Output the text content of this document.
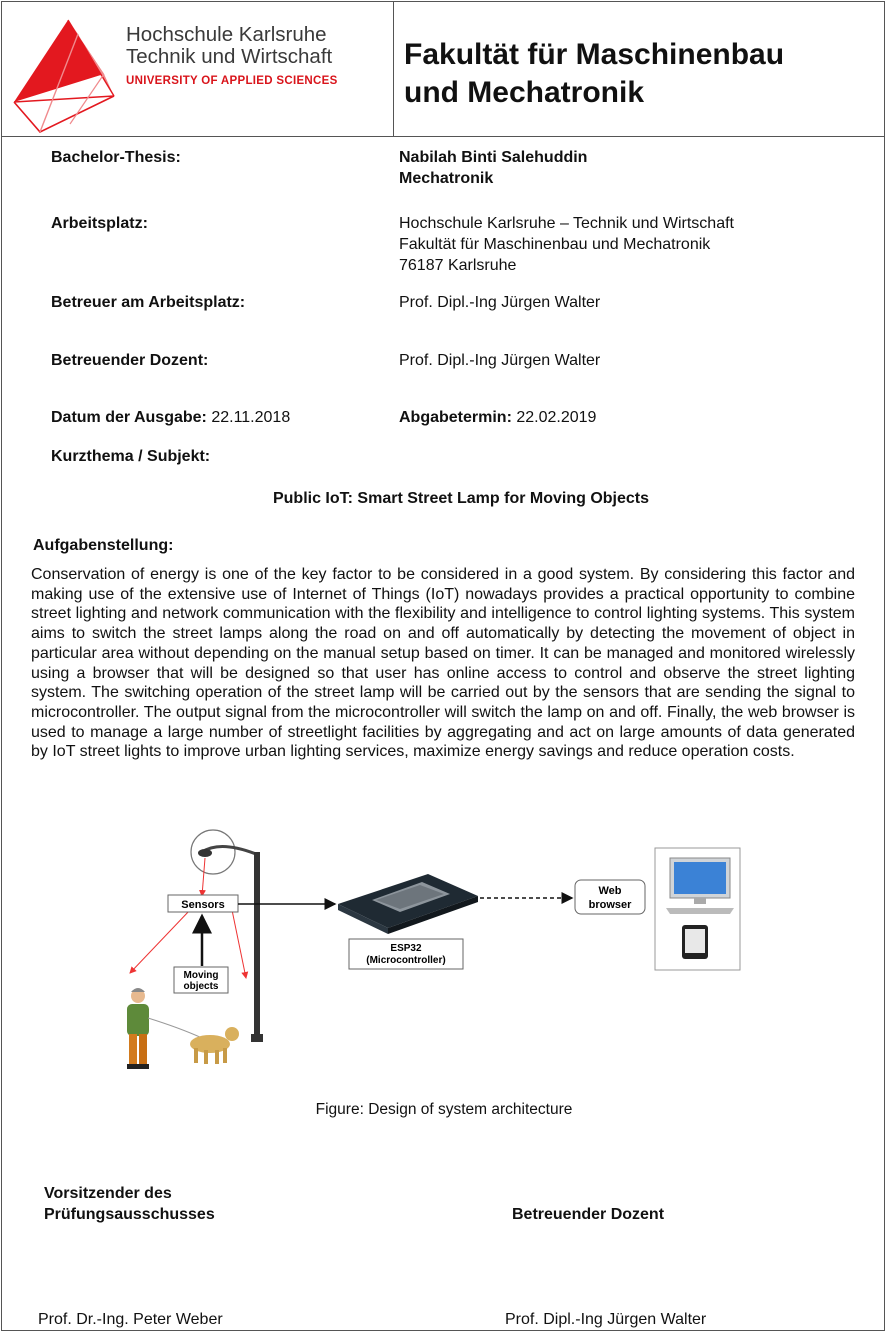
Hochschule Karlsruhe
Technik und Wirtschaft
UNIVERSITY OF APPLIED SCIENCES
Fakultät für Maschinenbau
und Mechatronik
Bachelor-Thesis:	Nabilah Binti Salehuddin
Mechatronik
Arbeitsplatz:	Hochschule Karlsruhe – Technik und Wirtschaft
Fakultät für Maschinenbau und Mechatronik
76187 Karlsruhe
Betreuer am Arbeitsplatz:	Prof. Dipl.-Ing Jürgen Walter
Betreuender Dozent:	Prof. Dipl.-Ing Jürgen Walter
Datum der Ausgabe: 22.11.2018	Abgabetermin: 22.02.2019
Kurzthema / Subjekt:
Public IoT: Smart Street Lamp for Moving Objects
Aufgabenstellung:
Conservation of energy is one of the key factor to be considered in a good system. By considering this factor and making use of the extensive use of Internet of Things (IoT) nowadays provides a practical opportunity to combine street lighting and network communication with the flexibility and intelligence to control lighting systems. This system aims to switch the street lamps along the road on and off automatically by detecting the movement of object in particular area without depending on the manual setup based on timer. It can be managed and monitored wirelessly using a browser that will be designed so that user has online access to control and observe the street lighting system. The switching operation of the street lamp will be carried out by the sensors that are sending the signal to microcontroller. The output signal from the microcontroller will switch the lamp on and off. Finally, the web browser is used to manage a large number of streetlight facilities by aggregating and act on large amounts of data generated by IoT street lights to improve urban lighting services, maximize energy savings and reduce operation costs.
Sensors
Moving
objects
ESP32
(Microcontroller)
Web
browser
Figure: Design of system architecture
Vorsitzender des
Prüfungsausschusses	Betreuender Dozent
Prof. Dr.-Ing. Peter Weber	Prof. Dipl.-Ing Jürgen Walter
